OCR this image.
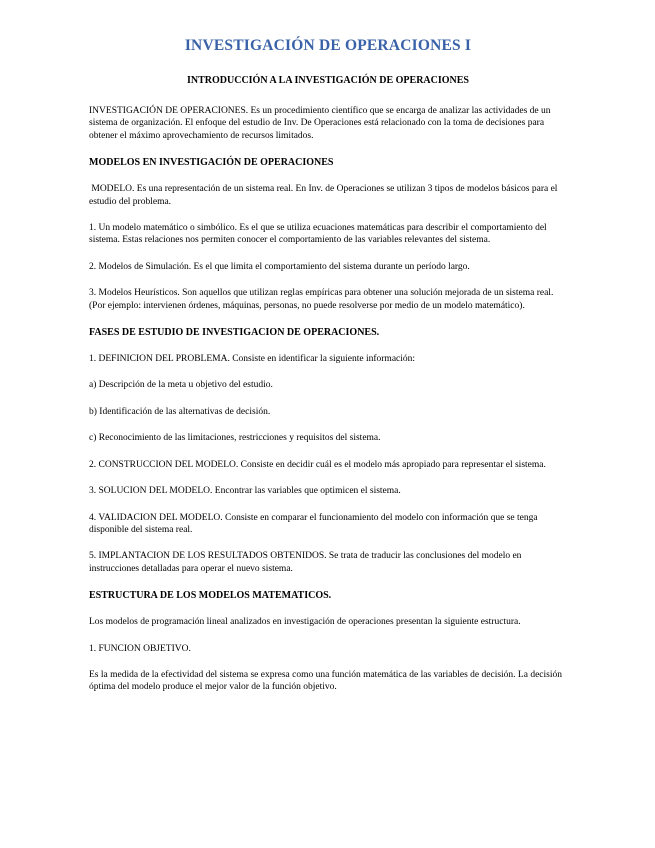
INVESTIGACIÓN DE OPERACIONES I
INTRODUCCIÓN A LA INVESTIGACIÓN DE OPERACIONES

INVESTIGACIÓN DE OPERACIONES. Es un procedimiento científico que se encarga de analizar las actividades de un sistema de organización. El enfoque del estudio de Inv. De Operaciones está relacionado con la toma de decisiones para obtener el máximo aprovechamiento de recursos limitados.

MODELOS EN INVESTIGACIÓN DE OPERACIONES

MODELO. Es una representación de un sistema real. En Inv. de Operaciones se utilizan 3 tipos de modelos básicos para el estudio del problema.

1. Un modelo matemático o simbólico. Es el que se utiliza ecuaciones matemáticas para describir el comportamiento del sistema. Estas relaciones nos permiten conocer el comportamiento de las variables relevantes del sistema.

2. Modelos de Simulación. Es el que limita el comportamiento del sistema durante un período largo.

3. Modelos Heurísticos. Son aquellos que utilizan reglas empíricas para obtener una solución mejorada de un sistema real. (Por ejemplo: intervienen órdenes, máquinas, personas, no puede resolverse por medio de un modelo matemático).

FASES DE ESTUDIO DE INVESTIGACION DE OPERACIONES.

1. DEFINICION DEL PROBLEMA. Consiste en identificar la siguiente información:

a) Descripción de la meta u objetivo del estudio.

b) Identificación de las alternativas de decisión.

c) Reconocimiento de las limitaciones, restricciones y requisitos del sistema.

2. CONSTRUCCION DEL MODELO. Consiste en decidir cuál es el modelo más apropiado para representar el sistema.

3. SOLUCION DEL MODELO. Encontrar las variables que optimicen el sistema.

4. VALIDACION DEL MODELO. Consiste en comparar el funcionamiento del modelo con información que se tenga disponible del sistema real.

5. IMPLANTACION DE LOS RESULTADOS OBTENIDOS. Se trata de traducir las conclusiones del modelo en instrucciones detalladas para operar el nuevo sistema.

ESTRUCTURA DE LOS MODELOS MATEMATICOS.

Los modelos de programación lineal analizados en investigación de operaciones presentan la siguiente estructura.

1. FUNCION OBJETIVO.

Es la medida de la efectividad del sistema se expresa como una función matemática de las variables de decisión. La decisión óptima del modelo produce el mejor valor de la función objetivo.
